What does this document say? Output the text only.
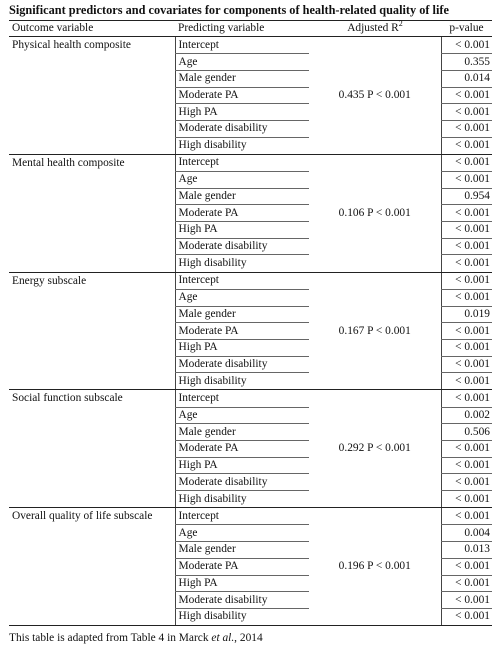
Significant predictors and covariates for components of health-related quality of life
Outcome variable	Predicting variable	Adjusted $R^2$	p-value
Physical health composite	Intercept		< 0.001
	Age		0.355
	Male gender		0.014
	Moderate PA	0.435 P < 0.001	< 0.001
	High PA		< 0.001
	Moderate disability		< 0.001
	High disability		< 0.001
Mental health composite	Intercept		< 0.001
	Age		< 0.001
	Male gender		0.954
	Moderate PA	0.106 P < 0.001	< 0.001
	High PA		< 0.001
	Moderate disability		< 0.001
	High disability		< 0.001
Energy subscale	Intercept		< 0.001
	Age		< 0.001
	Male gender		0.019
	Moderate PA	0.167 P < 0.001	< 0.001
	High PA		< 0.001
	Moderate disability		< 0.001
	High disability		< 0.001
Social function subscale	Intercept		< 0.001
	Age		0.002
	Male gender		0.506
	Moderate PA	0.292 P < 0.001	< 0.001
	High PA		< 0.001
	Moderate disability		< 0.001
	High disability		< 0.001
Overall quality of life subscale	Intercept		< 0.001
	Age		0.004
	Male gender		0.013
	Moderate PA	0.196 P < 0.001	< 0.001
	High PA		< 0.001
	Moderate disability		< 0.001
	High disability		< 0.001
This table is adapted from Table 4 in Marck et al., 2014
